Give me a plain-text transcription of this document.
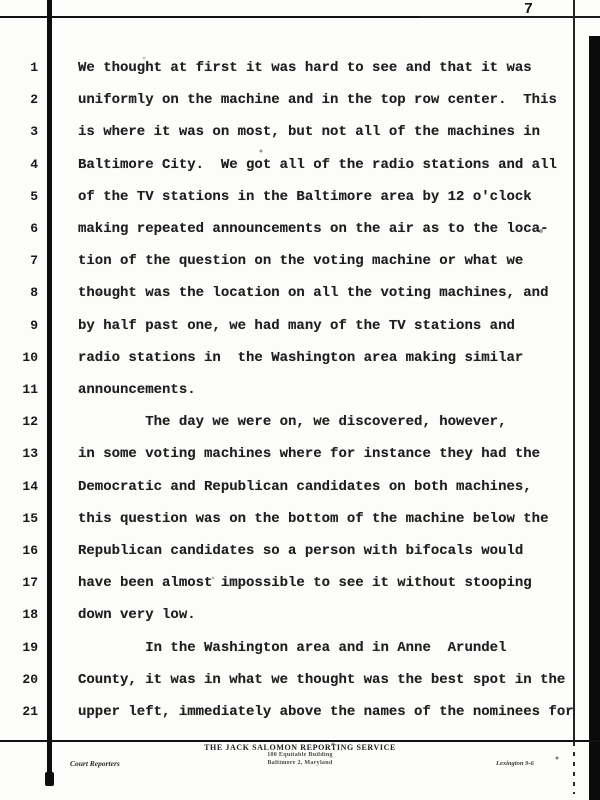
7
1	We thought at first it was hard to see and that it was
2	uniformly on the machine and in the top row center.  This
3	is where it was on most, but not all of the machines in
4	Baltimore City.  We got all of the radio stations and all
5	of the TV stations in the Baltimore area by 12 o'clock
6	making repeated announcements on the air as to the loca-
7	tion of the question on the voting machine or what we
8	thought was the location on all the voting machines, and
9	by half past one, we had many of the TV stations and
10	radio stations in  the Washington area making similar
11	announcements.
12	The day we were on, we discovered, however,
13	in some voting machines where for instance they had the
14	Democratic and Republican candidates on both machines,
15	this question was on the bottom of the machine below the
16	Republican candidates so a person with bifocals would
17	have been almost impossible to see it without stooping
18	down very low.
19	In the Washington area and in Anne  Arundel
20	County, it was in what we thought was the best spot in the
21	upper left, immediately above the names of the nominees for
THE JACK SALOMON REPORTING SERVICE
100 Equitable Building
Baltimore 2, Maryland
Court Reporters	Lexington 9-6
